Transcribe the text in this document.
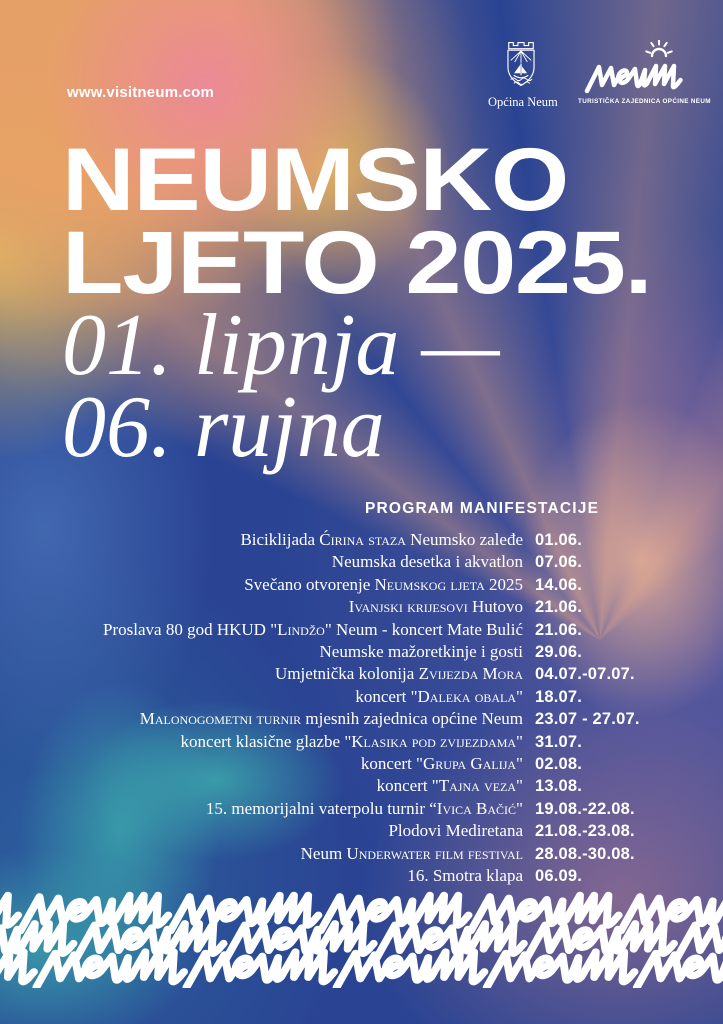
www.visitneum.com
Općina Neum	TURISTIČKA ZAJEDNICA OPĆINE NEUM
NEUMSKO
LJETO 2025.
01. lipnja —
06. rujna
PROGRAM MANIFESTACIJE
Biciklijada Ćirina staza Neumsko zaleđe 01.06.
Neumska desetka i akvatlon 07.06.
Svečano otvorenje Neumskog ljeta 2025 14.06.
Ivanjski krijesovi Hutovo 21.06.
Proslava 80 god HKUD "Lindžo" Neum - koncert Mate Bulić 21.06.
Neumske mažoretkinje i gosti 29.06.
Umjetnička kolonija Zvijezda Mora 04.07.-07.07.
koncert "Daleka obala" 18.07.
Malonogometni turnir mjesnih zajednica općine Neum 23.07 - 27.07.
koncert klasične glazbe "Klasika pod zvijezdama" 31.07.
koncert "Grupa Galija" 02.08.
koncert "Tajna veza" 13.08.
15. memorijalni vaterpolu turnir “Ivica Bačić" 19.08.-22.08.
Plodovi Mediretana 21.08.-23.08.
Neum Underwater film festival 28.08.-30.08.
16. Smotra klapa 06.09.
